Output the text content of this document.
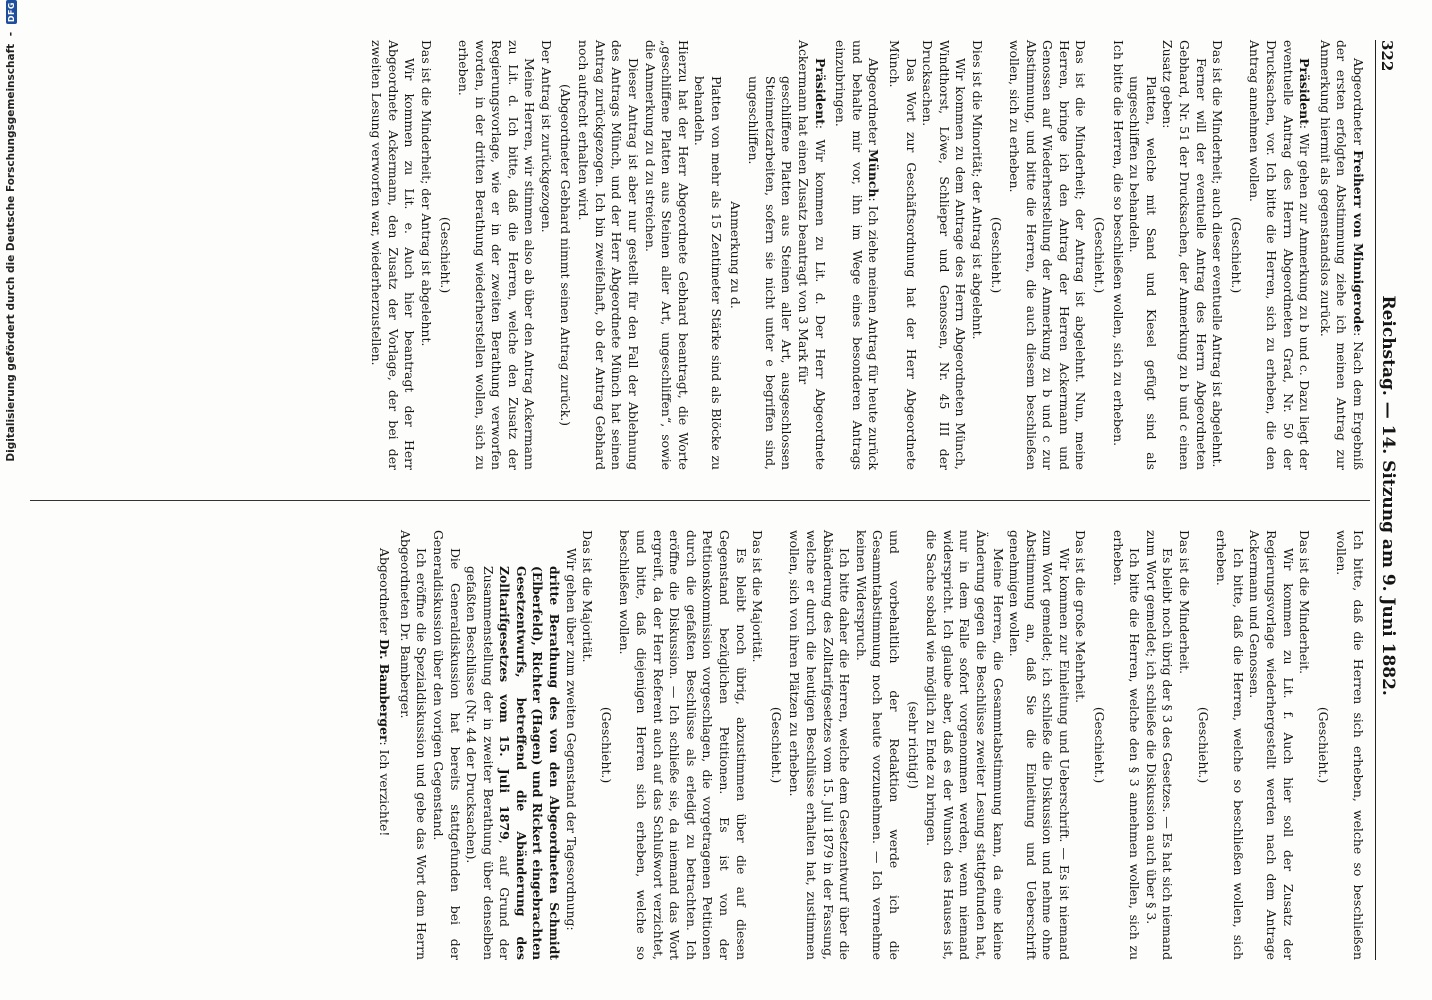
322
Reichstag. — 14. Sitzung am 9. Juni 1882.

Abgeordneter Freiherr von Minnigerode: Nach dem Ergebniß der ersten erfolgten Abstimmung ziehe ich meinen Antrag zur Anmerkung hiermit als gegenstandslos zurück.

Präsident: Wir gehen zur Anmerkung zu b und c. Dazu liegt der eventuelle Antrag des Herrn Abgeordneten Grad, Nr. 50 der Drucksachen, vor. Ich bitte die Herren, sich zu erheben, die den Antrag annehmen wollen.

(Geschieht.)

Das ist die Minderheit; auch dieser eventuelle Antrag ist abgelehnt.

Ferner will der eventuelle Antrag des Herrn Abgeordneten Gebhard, Nr. 51 der Drucksachen, der Anmerkung zu b und c einen Zusatz geben:

Platten, welche mit Sand und Kiesel gefügt sind als ungeschliffen zu behandeln.

Ich bitte die Herren, die so beschließen wollen, sich zu erheben.

(Geschieht.)

Das ist die Minderheit; der Antrag ist abgelehnt. Nun, meine Herren, bringe ich den Antrag der Herren Ackermann und Genossen auf Wiederherstellung der Anmerkung zu b und c zur Abstimmung, und bitte die Herren, die auch diesem beschließen wollen, sich zu erheben.

(Geschieht.)

Dies ist die Minorität; der Antrag ist abgelehnt.

Wir kommen zu dem Antrage des Herrn Abgeordneten Münch, Windthorst, Löwe, Schlieper und Genossen, Nr. 45 III der Drucksachen.

Das Wort zur Geschäftsordnung hat der Herr Abgeordnete Münch.

Abgeordneter Münch: Ich ziehe meinen Antrag für heute zurück und behalte mir vor, ihn im Wege eines besonderen Antrags einzubringen.

Präsident: Wir kommen zu Lit. d. Der Herr Abgeordnete Ackermann hat einen Zusatz beantragt von 3 Mark für

geschliffene Platten aus Steinen aller Art, ausgeschlossen Steinmetzarbeiten, sofern sie nicht unter e begriffen sind, ungeschliffen.

Anmerkung zu d.

Platten von mehr als 15 Zentimeter Stärke sind als Blöcke zu behandeln.

Hierzu hat der Herr Abgeordnete Gebhard beantragt, die Worte „geschliffene Platten aus Steinen aller Art, ungeschliffen“, sowie die Anmerkung zu d zu streichen.

Dieser Antrag ist aber nur gestellt für den Fall der Ablehnung des Antrags Münch, und der Herr Abgeordnete Münch hat seinen Antrag zurückgezogen. Ich bin zweifelhaft, ob der Antrag Gebhard noch aufrecht erhalten wird.

(Abgeordneter Gebhard nimmt seinen Antrag zurück.)

Der Antrag ist zurückgezogen.

Meine Herren, wir stimmen also ab über den Antrag Ackermann zu Lit. d. Ich bitte, daß die Herren, welche den Zusatz der Regierungsvorlage, wie er in der zweiten Berathung verworfen worden, in der dritten Berathung wiederherstellen wollen, sich zu erheben.

(Geschieht.)

Das ist die Minderheit; der Antrag ist abgelehnt.

Wir kommen zu Lit. e. Auch hier beantragt der Herr Abgeordnete Ackermann, den Zusatz der Vorlage, der bei der zweiten Lesung verworfen war, wiederherzustellen.

Ich bitte, daß die Herren sich erheben, welche so beschließen wollen.

(Geschieht.)

Das ist die Minderheit.

Wir kommen zu Lit. f. Auch hier soll der Zusatz der Regierungsvorlage wiederhergestellt werden nach dem Antrage Ackermann und Genossen.

Ich bitte, daß die Herren, welche so beschließen wollen, sich erheben.

(Geschieht.)

Das ist die Minderheit.

Es bleibt noch übrig der § 3 des Gesetzes. — Es hat sich niemand zum Wort gemeldet; ich schließe die Diskussion auch über § 3.

Ich bitte die Herren, welche den § 3 annehmen wollen, sich zu erheben.

(Geschieht.)

Das ist die große Mehrheit.

Wir kommen zur Einleitung und Ueberschrift. — Es ist niemand zum Wort gemeldet; ich schließe die Diskussion und nehme ohne Abstimmung an, daß Sie die Einleitung und Ueberschrift genehmigen wollen.

Meine Herren, die Gesammtabstimmung kann, da eine kleine Änderung gegen die Beschlüsse zweiter Lesung stattgefunden hat, nur in dem Falle sofort vorgenommen werden, wenn niemand widerspricht. Ich glaube aber, daß es der Wunsch des Hauses ist, die Sache sobald wie möglich zu Ende zu bringen.

(sehr richtig!)

und vorbehaltlich der Redaktion werde ich die Gesammtabstimmung noch heute vorzunehmen. — Ich vernehme keinen Widerspruch.

Ich bitte daher die Herren, welche dem Gesetzentwurf über die Abänderung des Zolltarifgesetzes vom 15. Juli 1879 in der Fassung, welche er durch die heutigen Beschlüsse erhalten hat, zustimmen wollen, sich von ihren Plätzen zu erheben.

(Geschieht.)

Das ist die Majorität.

Es bleibt noch übrig, abzustimmen über die auf diesen Gegenstand bezüglichen Petitionen. Es ist von der Petitionskommission vorgeschlagen, die vorgetragenen Petitionen durch die gefaßten Beschlüsse als erledigt zu betrachten. Ich eröffne die Diskussion. — Ich schließe sie, da niemand das Wort ergreift, da der Herr Referent auch auf das Schlußwort verzichtet, und bitte, daß diejenigen Herren sich erheben, welche so beschließen wollen.

(Geschieht.)

Das ist die Majorität.

Wir gehen über zum zweiten Gegenstand der Tagesordnung:

dritte Berathung des von den Abgeordneten Schmidt (Elberfeld), Richter (Hagen) und Rickert eingebrachten Gesetzentwurfs, betreffend die Abänderung des Zolltarifgesetzes vom 15. Juli 1879, auf Grund der Zusammenstellung der in zweiter Berathung über denselben gefaßten Beschlüsse (Nr. 44 der Drucksachen).

Die Generaldiskussion hat bereits stattgefunden bei der Generaldiskussion über den vorigen Gegenstand.

Ich eröffne die Spezialdiskussion und gebe das Wort dem Herrn Abgeordneten Dr. Bamberger.

Abgeordneter Dr. Bamberger: Ich verzichte!

Digitalisierung gefördert durch die Deutsche Forschungsgemeinschaft
-
DFG
